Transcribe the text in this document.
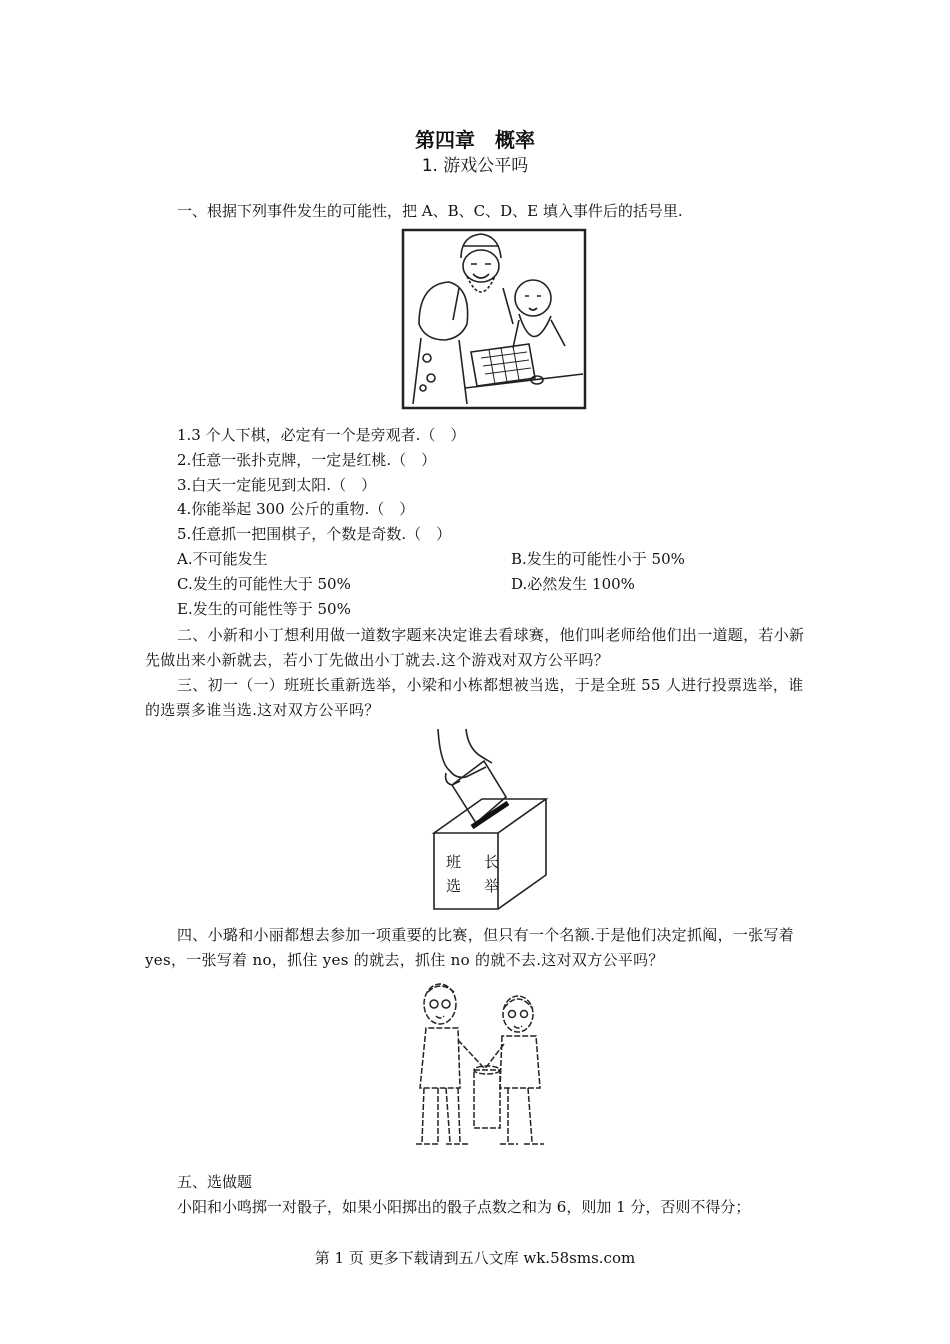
第四章　概率
1. 游戏公平吗
一、根据下列事件发生的可能性，把 A、B、C、D、E 填入事件后的括号里.
1.3 个人下棋，必定有一个是旁观者.（　）
2.任意一张扑克牌，一定是红桃.（　）
3.白天一定能见到太阳.（　）
4.你能举起 300 公斤的重物.（　）
5.任意抓一把围棋子，个数是奇数.（　）
A.不可能发生	B.发生的可能性小于 50%
C.发生的可能性大于 50%	D.必然发生 100%
E.发生的可能性等于 50%
二、小新和小丁想利用做一道数字题来决定谁去看球赛，他们叫老师给他们出一道题，若小新先做出来小新就去，若小丁先做出小丁就去.这个游戏对双方公平吗？
三、初一（一）班班长重新选举，小梁和小栋都想被当选，于是全班 55 人进行投票选举，谁的选票多谁当选.这对双方公平吗？
班 长
选 举
四、小璐和小丽都想去参加一项重要的比赛，但只有一个名额.于是他们决定抓阄，一张写着 yes，一张写着 no，抓住 yes 的就去，抓住 no 的就不去.这对双方公平吗？
五、选做题
小阳和小鸣掷一对骰子，如果小阳掷出的骰子点数之和为 6，则加 1 分，否则不得分；
第 1 页 更多下载请到五八文库 wk.58sms.com
